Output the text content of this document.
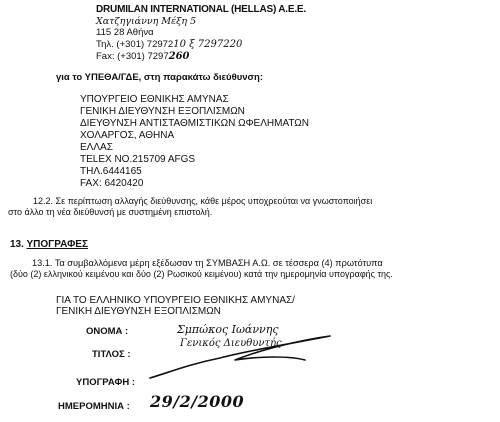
DRUMILAN INTERNATIONAL (HELLAS) A.E.E.
Χατζηγιάννη Μέξη 5
115 28 Αθήνα
Τηλ. (+301) 7297210 ξ 7297220
Fax: (+301) 7297260
για το ΥΠΕΘΑ/ΓΔΕ, στη παρακάτω διεύθυνση:
ΥΠΟΥΡΓΕΙΟ ΕΘΝΙΚΗΣ ΑΜΥΝΑΣ
ΓΕΝΙΚΗ ΔΙΕΥΘΥΝΣΗ ΕΞΟΠΛΙΣΜΩΝ
ΔΙΕΥΘΥΝΣΗ ΑΝΤΙΣΤΑΘΜΙΣΤΙΚΩΝ ΩΦΕΛΗΜΑΤΩΝ
ΧΟΛΑΡΓΟΣ, ΑΘΗΝΑ
ΕΛΛΑΣ
TELEX NO.215709 AFGS
ΤΗΛ.6444165
FAX: 6420420
12.2. Σε περίπτωση αλλαγής διεύθυνσης, κάθε μέρος υποχρεούται να γνωστοποιήσει
στο άλλο τη νέα διεύθυνσή με συστημένη επιστολή.
13. ΥΠΟΓΡΑΦΕΣ
13.1. Τα συμβαλλόμενα μέρη εξέδωσαν τη ΣΥΜΒΑΣΗ Α.Ω. σε τέσσερα (4) πρωτότυπα
(δύο (2) ελληνικού κειμένου και δύο (2) Ρωσικού κειμένου) κατά την ημερομηνία υπογραφής της.
ΓΙΑ ΤΟ ΕΛΛΗΝΙΚΟ ΥΠΟΥΡΓΕΙΟ ΕΘΝΙΚΗΣ ΑΜΥΝΑΣ/
ΓΕΝΙΚΗ ΔΙΕΥΘΥΝΣΗ ΕΞΟΠΛΙΣΜΩΝ
ΟΝΟΜΑ :	Σμπώκος Ιωάννης
ΤΙΤΛΟΣ :
Γενικός Διευθυντής
ΥΠΟΓΡΑΦΗ :
ΗΜΕΡΟΜΗΝΙΑ : 29/2/2000
